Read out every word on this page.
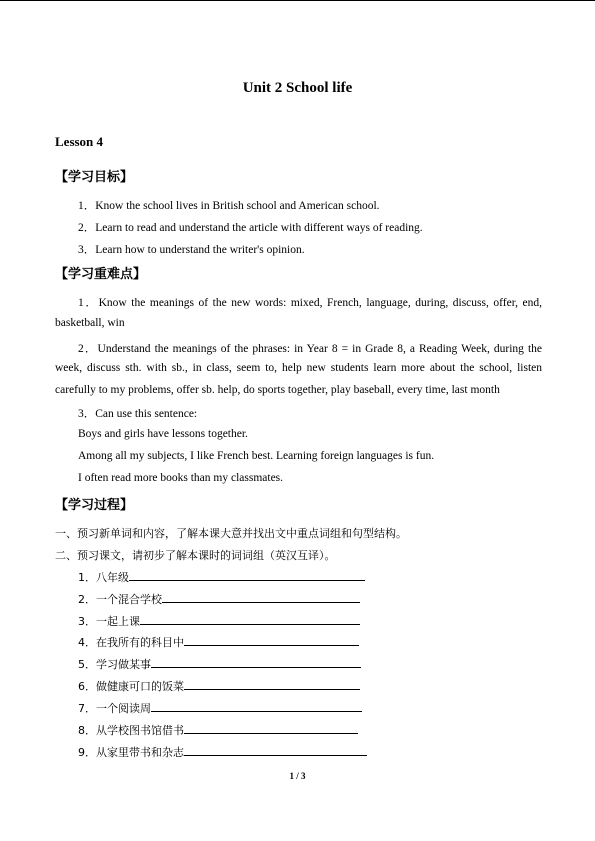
Unit 2 School life
Lesson 4
【学习目标】
1．Know the school lives in British school and American school.
2．Learn to read and understand the article with different ways of reading.
3．Learn how to understand the writer's opinion.
【学习重难点】
1．Know the meanings of the new words: mixed, French, language, during, discuss, offer, end,
basketball, win
2．Understand the meanings of the phrases: in Year 8 = in Grade 8, a Reading Week, during the
week, discuss sth. with sb., in class, seem to, help new students learn more about the school, listen
carefully to my problems, offer sb. help, do sports together, play baseball, every time, last month
3．Can use this sentence:
Boys and girls have lessons together.
Among all my subjects, I like French best. Learning foreign languages is fun.
I often read more books than my classmates.
【学习过程】
一、预习新单词和内容，了解本课大意并找出文中重点词组和句型结构。
二、预习课文，请初步了解本课时的词词组（英汉互译）。
1．八年级
2．一个混合学校
3．一起上课
4．在我所有的科目中
5．学习做某事
6．做健康可口的饭菜
7．一个阅读周
8．从学校图书馆借书
9．从家里带书和杂志
1 / 3
